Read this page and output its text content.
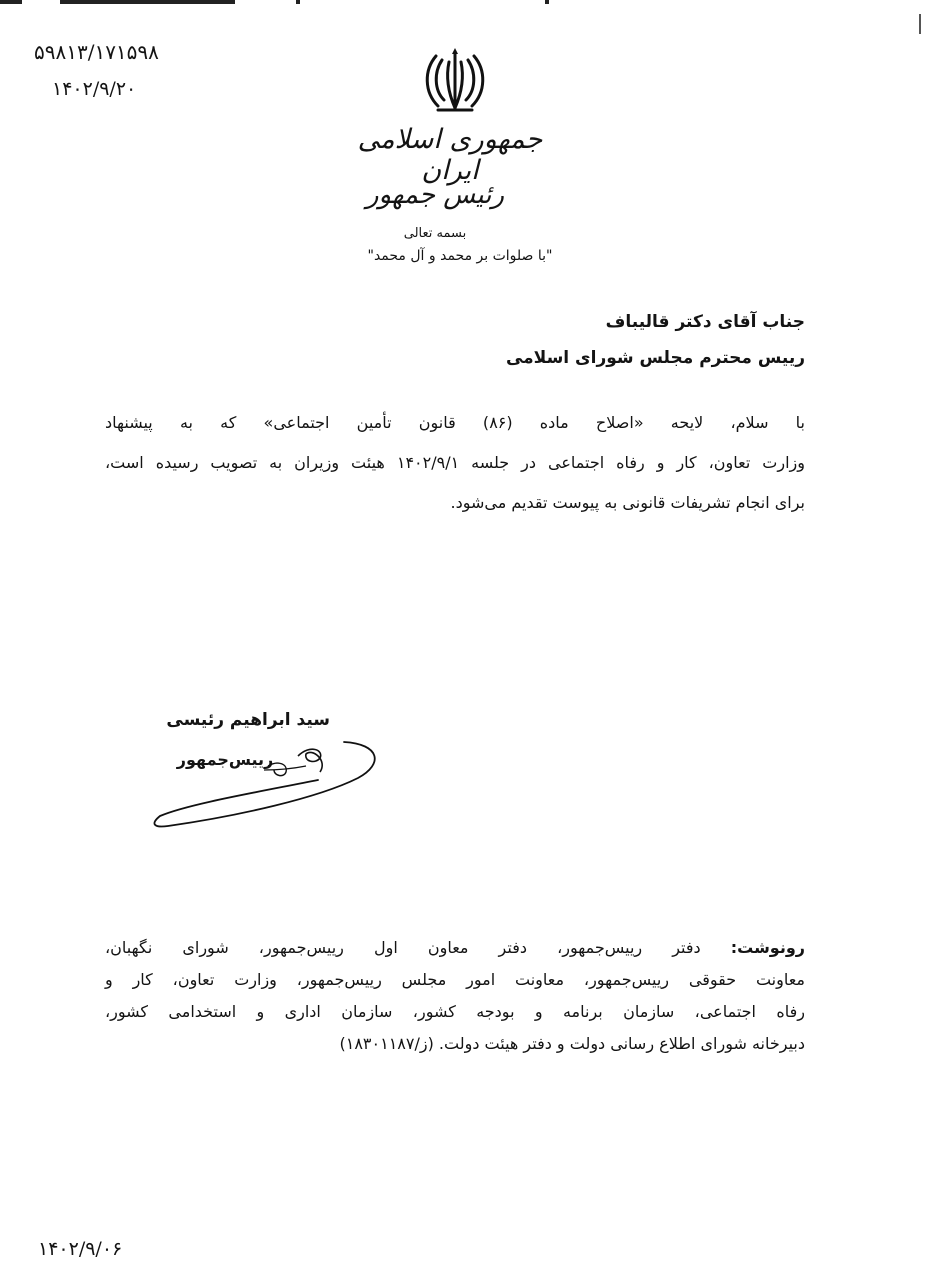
۵۹۸۱۳/۱۷۱۵۹۸
۱۴۰۲/۹/۲۰
جمهوری اسلامی ایران
رئیس جمهور
بسمه تعالی
"با صلوات بر محمد و آل محمد"
جناب آقای دکتر قالیباف
رییس محترم مجلس شورای اسلامی
با سلام، لایحه «اصلاح ماده (۸۶) قانون تأمین اجتماعی» که به پیشنهاد
وزارت تعاون، کار و رفاه اجتماعی در جلسه ۱۴۰۲/۹/۱ هیئت وزیران به تصویب رسیده است،
برای انجام تشریفات قانونی به پیوست تقدیم می‌شود.
سید ابراهیم رئیسی
رییس‌جمهور
رونوشت: دفتر رییس‌جمهور، دفتر معاون اول رییس‌جمهور، شورای نگهبان،
معاونت حقوقی رییس‌جمهور، معاونت امور مجلس رییس‌جمهور، وزارت تعاون، کار و
رفاه اجتماعی، سازمان برنامه و بودجه کشور، سازمان اداری و استخدامی کشور،
دبیرخانه شورای اطلاع رسانی دولت و دفتر هیئت دولت. (ز/۱۸۳۰۱۱۸۷)
۱۴۰۲/۹/۰۶
